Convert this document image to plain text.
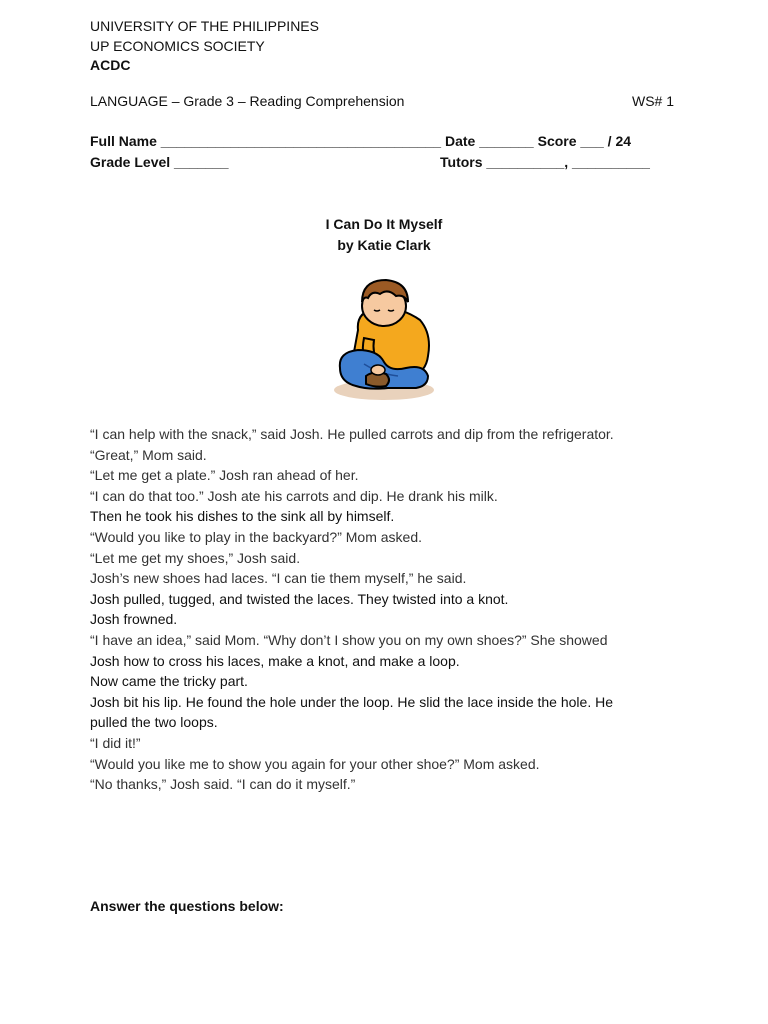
UNIVERSITY OF THE PHILIPPINES
UP ECONOMICS SOCIETY
ACDC
LANGUAGE – Grade 3 – Reading Comprehension	WS# 1
Full Name ____________________________________ Date _______ Score ___ / 24
Grade Level _______	Tutors __________, __________
I Can Do It Myself
by Katie Clark

“I can help with the snack,” said Josh. He pulled carrots and dip from the refrigerator.

“Great,” Mom said.

“Let me get a plate.” Josh ran ahead of her.

“I can do that too.” Josh ate his carrots and dip. He drank his milk.

Then he took his dishes to the sink all by himself.

“Would you like to play in the backyard?” Mom asked.

“Let me get my shoes,” Josh said.

Josh’s new shoes had laces. “I can tie them myself,” he said.

Josh pulled, tugged, and twisted the laces. They twisted into a knot.

Josh frowned.

“I have an idea,” said Mom. “Why don’t I show you on my own shoes?” She showed

Josh how to cross his laces, make a knot, and make a loop.

Now came the tricky part.

Josh bit his lip. He found the hole under the loop. He slid the lace inside the hole. He

pulled the two loops.

“I did it!”

“Would you like me to show you again for your other shoe?” Mom asked.

“No thanks,” Josh said. “I can do it myself.”

Answer the questions below:
